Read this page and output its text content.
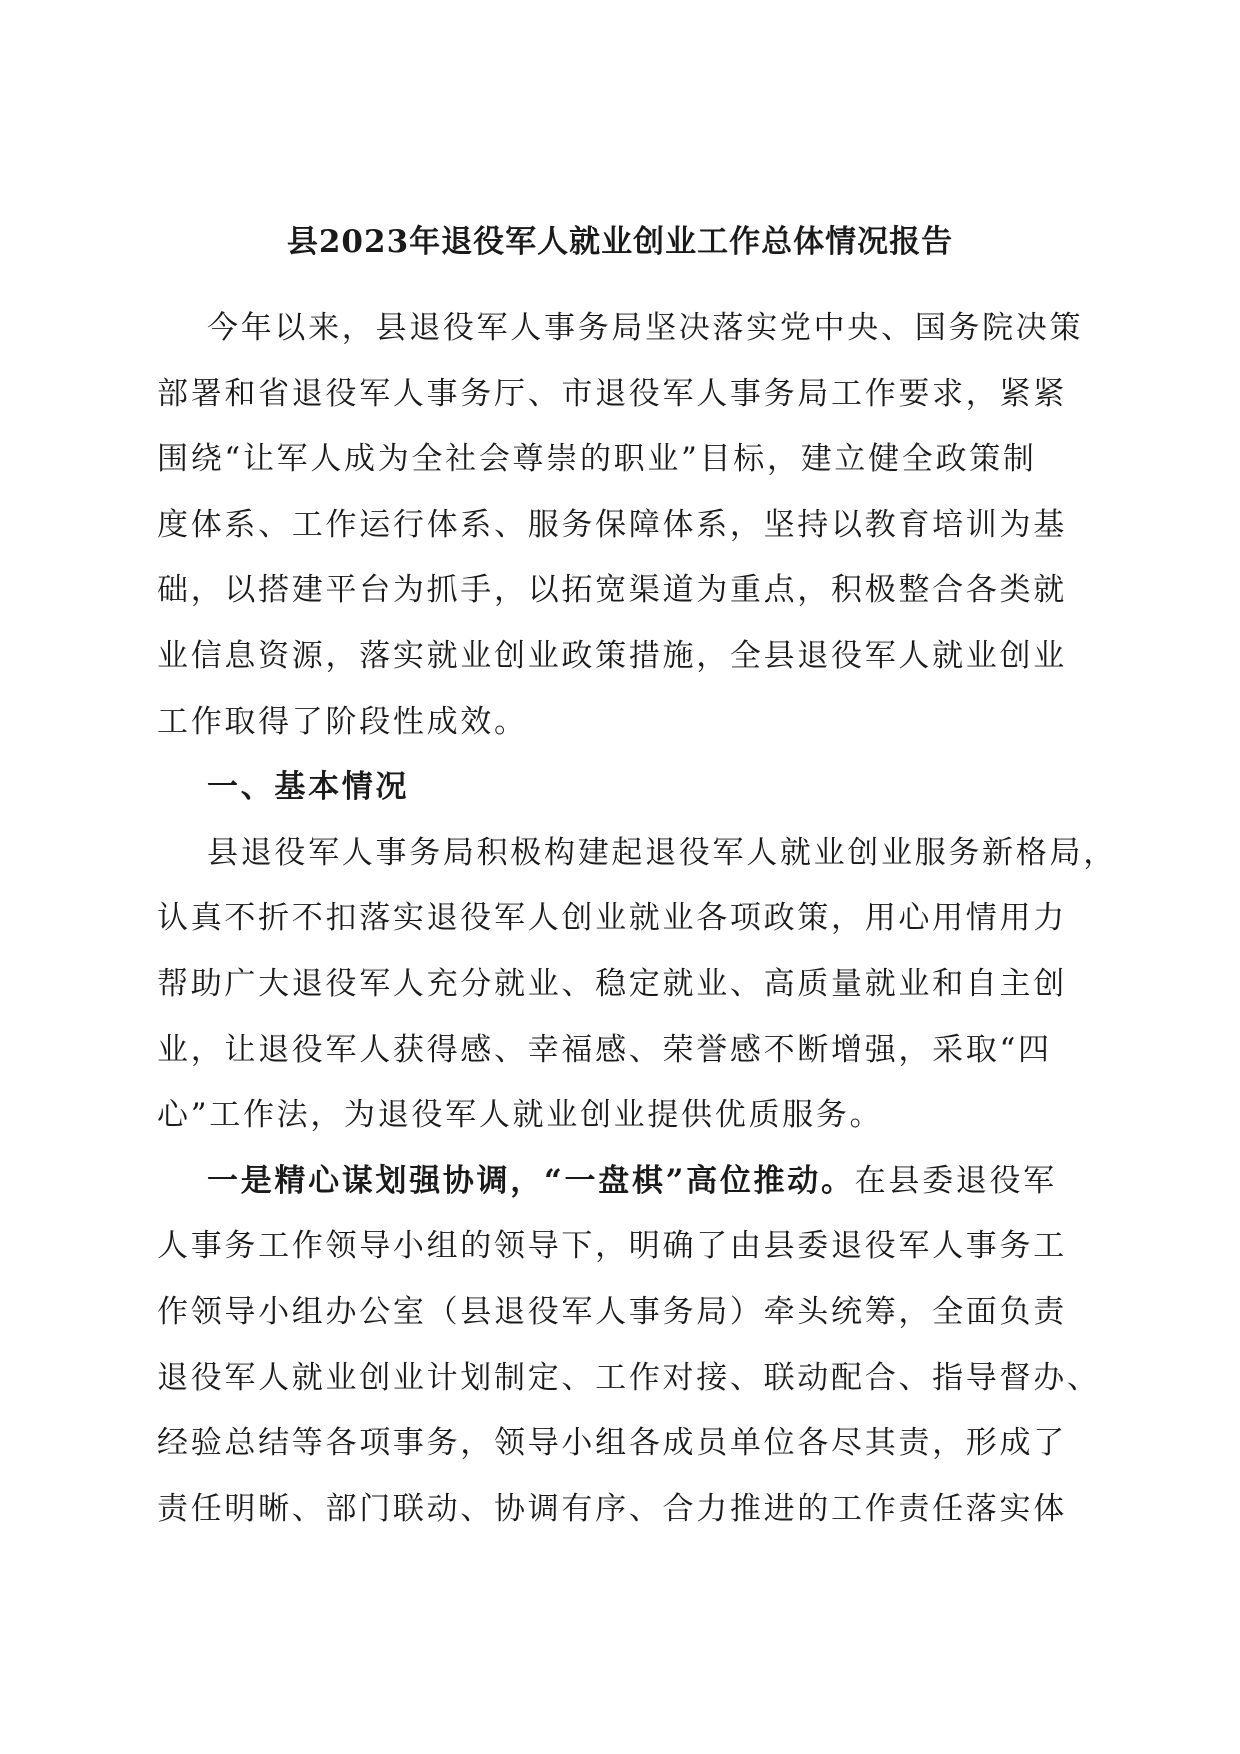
县2023年退役军人就业创业工作总体情况报告
今年以来，县退役军人事务局坚决落实党中央、国务院决策
部署和省退役军人事务厅、市退役军人事务局工作要求，紧紧
围绕“让军人成为全社会尊崇的职业”目标，建立健全政策制
度体系、工作运行体系、服务保障体系，坚持以教育培训为基
础，以搭建平台为抓手，以拓宽渠道为重点，积极整合各类就
业信息资源，落实就业创业政策措施，全县退役军人就业创业
工作取得了阶段性成效。
一、基本情况
县退役军人事务局积极构建起退役军人就业创业服务新格局，
认真不折不扣落实退役军人创业就业各项政策，用心用情用力
帮助广大退役军人充分就业、稳定就业、高质量就业和自主创
业，让退役军人获得感、幸福感、荣誉感不断增强，采取“四
心”工作法，为退役军人就业创业提供优质服务。
一是精心谋划强协调，“一盘棋”高位推动。在县委退役军
人事务工作领导小组的领导下，明确了由县委退役军人事务工
作领导小组办公室（县退役军人事务局）牵头统筹，全面负责
退役军人就业创业计划制定、工作对接、联动配合、指导督办、
经验总结等各项事务，领导小组各成员单位各尽其责，形成了
责任明晰、部门联动、协调有序、合力推进的工作责任落实体
